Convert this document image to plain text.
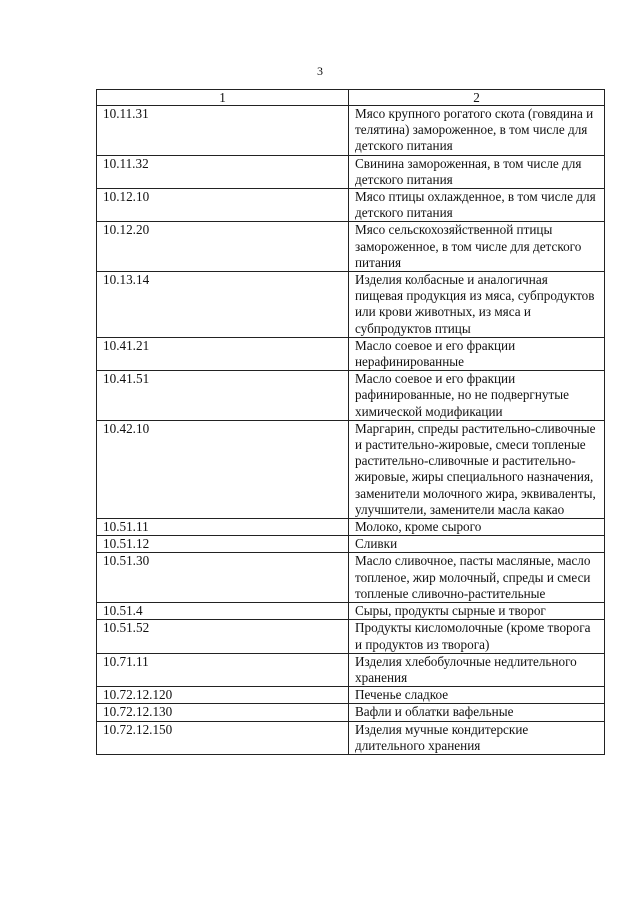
3
1	2
10.11.31	Мясо крупного рогатого скота (говядина и телятина) замороженное, в том числе для детского питания
10.11.32	Свинина замороженная, в том числе для детского питания
10.12.10	Мясо птицы охлажденное, в том числе для детского питания
10.12.20	Мясо сельскохозяйственной птицы замороженное, в том числе для детского питания
10.13.14	Изделия колбасные и аналогичная пищевая продукция из мяса, субпродуктов или крови животных, из мяса и субпродуктов птицы
10.41.21	Масло соевое и его фракции нерафинированные
10.41.51	Масло соевое и его фракции рафинированные, но не подвергнутые химической модификации
10.42.10	Маргарин, спреды растительно-сливочные и растительно-жировые, смеси топленые растительно-сливочные и растительно-жировые, жиры специального назначения, заменители молочного жира, эквиваленты, улучшители, заменители масла какао
10.51.11	Молоко, кроме сырого
10.51.12	Сливки
10.51.30	Масло сливочное, пасты масляные, масло топленое, жир молочный, спреды и смеси топленые сливочно-растительные
10.51.4	Сыры, продукты сырные и творог
10.51.52	Продукты кисломолочные (кроме творога и продуктов из творога)
10.71.11	Изделия хлебобулочные недлительного хранения
10.72.12.120	Печенье сладкое
10.72.12.130	Вафли и облатки вафельные
10.72.12.150	Изделия мучные кондитерские длительного хранения
